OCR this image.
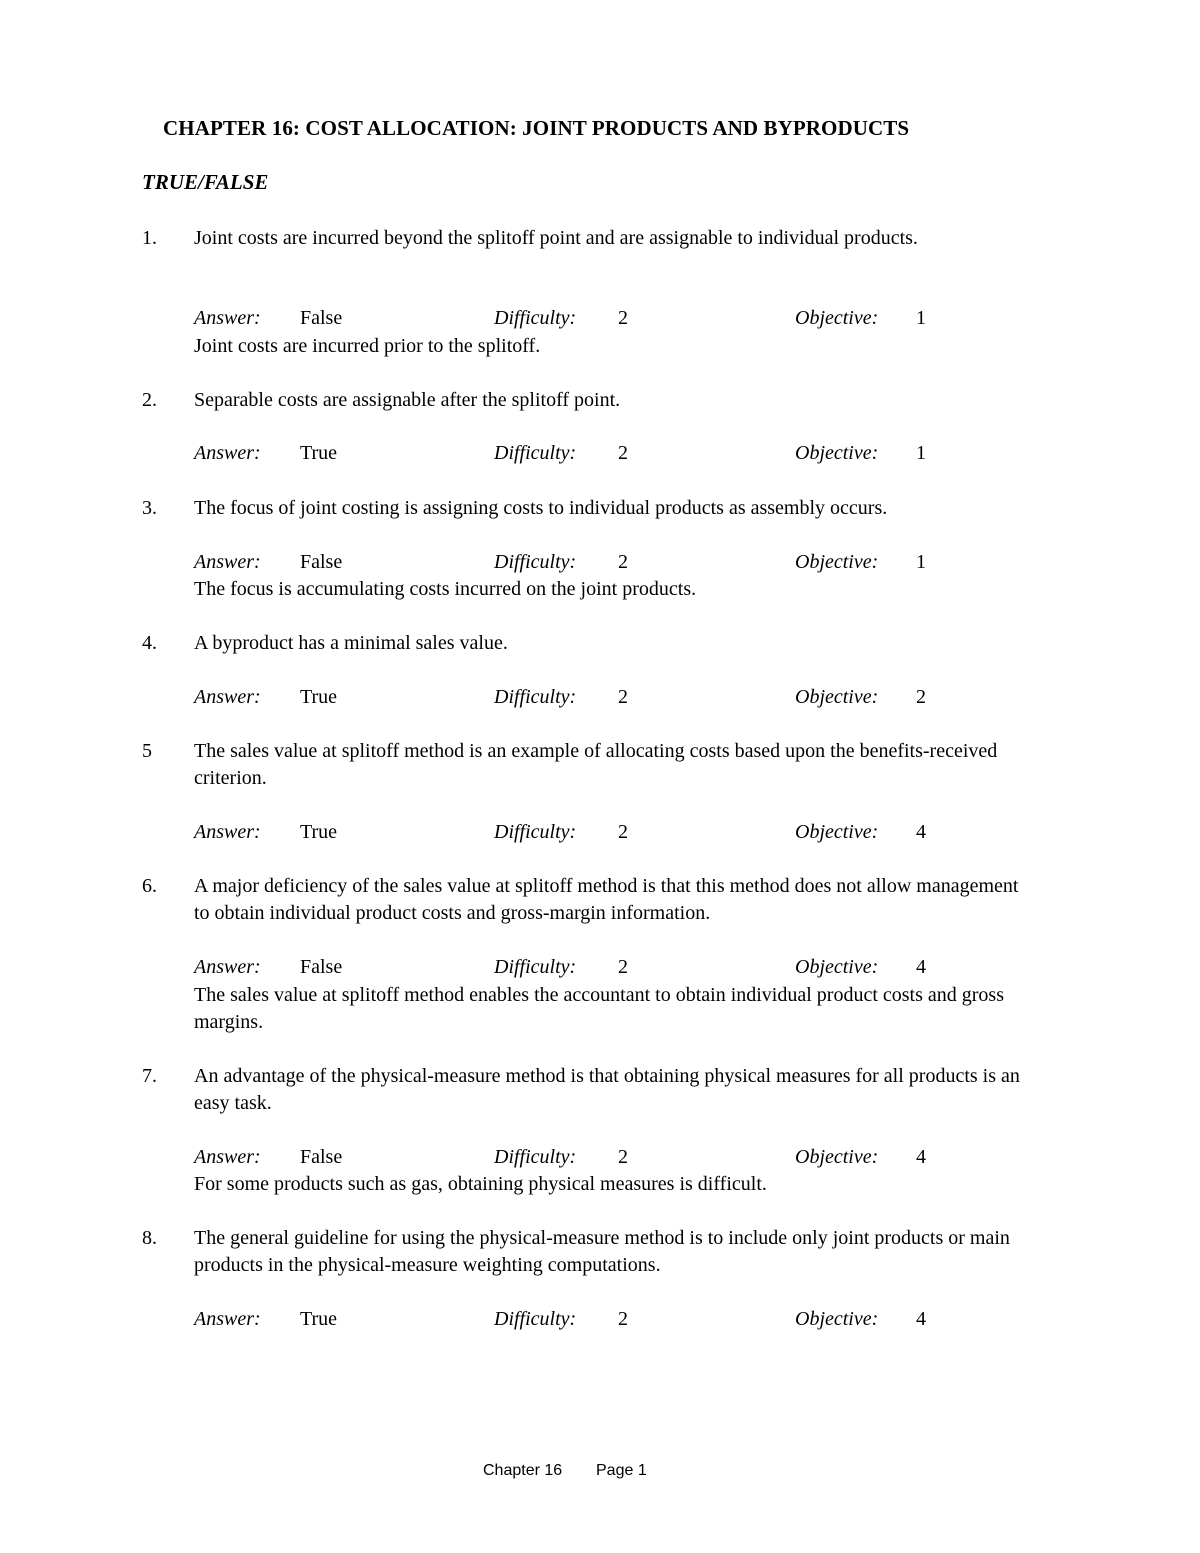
CHAPTER 16: COST ALLOCATION: JOINT PRODUCTS AND BYPRODUCTS
TRUE/FALSE
1. Joint costs are incurred beyond the splitoff point and are assignable to individual products.
Answer: False	Difficulty: 2	Objective: 1
Joint costs are incurred prior to the splitoff.
2. Separable costs are assignable after the splitoff point.
Answer: True	Difficulty: 2	Objective: 1
3. The focus of joint costing is assigning costs to individual products as assembly occurs.
Answer: False	Difficulty: 2	Objective: 1
The focus is accumulating costs incurred on the joint products.
4. A byproduct has a minimal sales value.
Answer: True	Difficulty: 2	Objective: 2
5 The sales value at splitoff method is an example of allocating costs based upon the benefits-received criterion.
Answer: True	Difficulty: 2	Objective: 4
6. A major deficiency of the sales value at splitoff method is that this method does not allow management to obtain individual product costs and gross-margin information.
Answer: False	Difficulty: 2	Objective: 4
The sales value at splitoff method enables the accountant to obtain individual product costs and gross margins.
7. An advantage of the physical-measure method is that obtaining physical measures for all products is an easy task.
Answer: False	Difficulty: 2	Objective: 4
For some products such as gas, obtaining physical measures is difficult.
8. The general guideline for using the physical-measure method is to include only joint products or main products in the physical-measure weighting computations.
Answer: True	Difficulty: 2	Objective: 4
Chapter 16 Page 1
